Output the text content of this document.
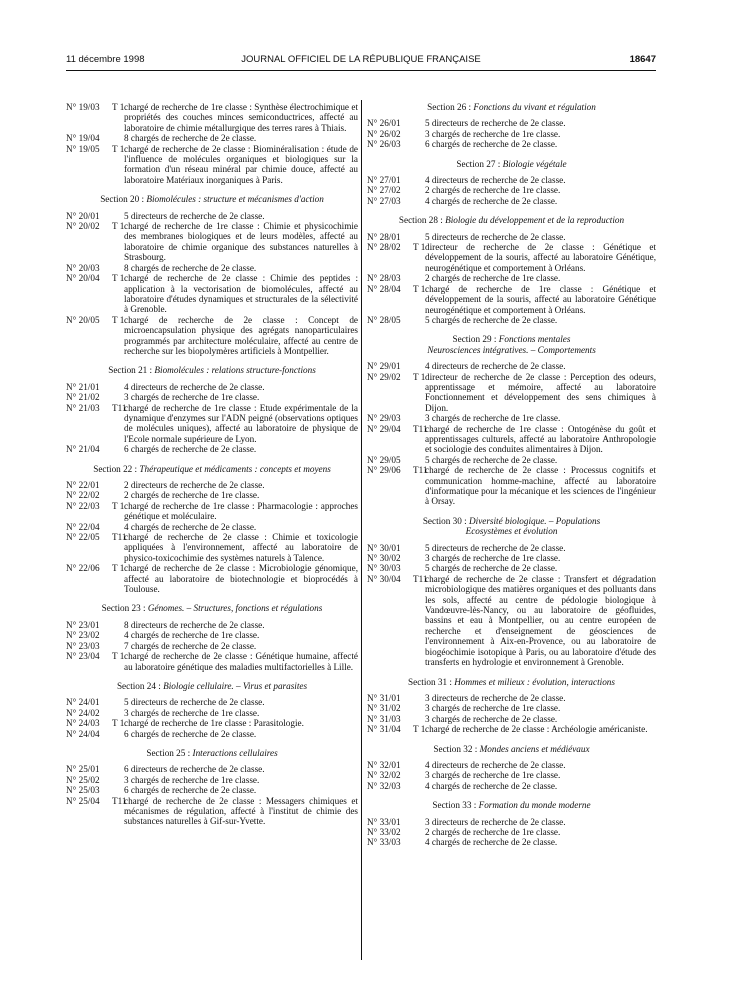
11 décembre 1998	JOURNAL OFFICIEL DE LA RÉPUBLIQUE FRANÇAISE	18647
N° 19/03	T 1 chargé de recherche de 1re classe : Synthèse électrochimique et propriétés des couches minces semiconductrices, affecté au laboratoire de chimie métallurgique des terres rares à Thiais.
N° 19/04	8 chargés de recherche de 2e classe.
N° 19/05	T 1 chargé de recherche de 2e classe : Biominéralisation : étude de l'influence de molécules organiques et biologiques sur la formation d'un réseau minéral par chimie douce, affecté au laboratoire Matériaux inorganiques à Paris.
Section 20 : Biomolécules : structure et mécanismes d'action
N° 20/01	5 directeurs de recherche de 2e classe.
N° 20/02	T 1 chargé de recherche de 1re classe : Chimie et physicochimie des membranes biologiques et de leurs modèles, affecté au laboratoire de chimie organique des substances naturelles à Strasbourg.
N° 20/03	8 chargés de recherche de 2e classe.
N° 20/04	T 1 chargé de recherche de 2e classe : Chimie des peptides : application à la vectorisation de biomolécules, affecté au laboratoire d'études dynamiques et structurales de la sélectivité à Grenoble.
N° 20/05	T 1 chargé de recherche de 2e classe : Concept de microencapsulation physique des agrégats nanoparticulaires programmés par architecture moléculaire, affecté au centre de recherche sur les biopolymères artificiels à Montpellier.
Section 21 : Biomolécules : relations structure-fonctions
N° 21/01	4 directeurs de recherche de 2e classe.
N° 21/02	3 chargés de recherche de 1re classe.
N° 21/03	T11
chargé de recherche de 1re classe : Etude expérimentale de la dynamique d'enzymes sur l'ADN peigné (observations optiques de molécules uniques), affecté au laboratoire de physique de l'Ecole normale supérieure de Lyon.
N° 21/04	6 chargés de recherche de 2e classe.
Section 22 : Thérapeutique et médicaments : concepts et moyens
N° 22/01	2 directeurs de recherche de 2e classe.
N° 22/02	2 chargés de recherche de 1re classe.
N° 22/03	T 1 chargé de recherche de 1re classe : Pharmacologie : approches génétique et moléculaire.
N° 22/04	4 chargés de recherche de 2e classe.
N° 22/05	T11
chargé de recherche de 2e classe : Chimie et toxicologie appliquées à l'environnement, affecté au laboratoire de physico-toxicochimie des systèmes naturels à Talence.
N° 22/06	T 1 chargé de recherche de 2e classe : Microbiologie génomique, affecté au laboratoire de biotechnologie et bioprocédés à Toulouse.
Section 23 : Génomes. – Structures, fonctions et régulations
N° 23/01	8 directeurs de recherche de 2e classe.
N° 23/02	4 chargés de recherche de 1re classe.
N° 23/03	7 chargés de recherche de 2e classe.
N° 23/04	T 1 chargé de recherche de 2e classe : Génétique humaine, affecté au laboratoire génétique des maladies multifactorielles à Lille.
Section 24 : Biologie cellulaire. – Virus et parasites
N° 24/01	5 directeurs de recherche de 2e classe.
N° 24/02	3 chargés de recherche de 1re classe.
N° 24/03	T 1 chargé de recherche de 1re classe : Parasitologie.
N° 24/04	6 chargés de recherche de 2e classe.
Section 25 : Interactions cellulaires
N° 25/01	6 directeurs de recherche de 2e classe.
N° 25/02	3 chargés de recherche de 1re classe.
N° 25/03	6 chargés de recherche de 2e classe.
N° 25/04	T11
chargé de recherche de 2e classe : Messagers chimiques et mécanismes de régulation, affecté à l'institut de chimie des substances naturelles à Gif-sur-Yvette.
Section 26 : Fonctions du vivant et régulation
N° 26/01	5 directeurs de recherche de 2e classe.
N° 26/02	3 chargés de recherche de 1re classe.
N° 26/03	6 chargés de recherche de 2e classe.
Section 27 : Biologie végétale
N° 27/01	4 directeurs de recherche de 2e classe.
N° 27/02	2 chargés de recherche de 1re classe.
N° 27/03	4 chargés de recherche de 2e classe.
Section 28 : Biologie du développement et de la reproduction
N° 28/01	5 directeurs de recherche de 2e classe.
N° 28/02	T 1 directeur de recherche de 2e classe : Génétique et développement de la souris, affecté au laboratoire Génétique, neurogénétique et comportement à Orléans.
N° 28/03	2 chargés de recherche de 1re classe.
N° 28/04	T 1 chargé de recherche de 1re classe : Génétique et développement de la souris, affecté au laboratoire Génétique neurogénétique et comportement à Orléans.
N° 28/05	5 chargés de recherche de 2e classe.
Section 29 : Fonctions mentales
Neurosciences intégratives. – Comportements
N° 29/01	4 directeurs de recherche de 2e classe.
N° 29/02	T 1 directeur de recherche de 2e classe : Perception des odeurs, apprentissage et mémoire, affecté au laboratoire Fonctionnement et développement des sens chimiques à Dijon.
N° 29/03	3 chargés de recherche de 1re classe.
N° 29/04	T11
chargé de recherche de 1re classe : Ontogénèse du goût et apprentissages culturels, affecté au laboratoire Anthropologie et sociologie des conduites alimentaires à Dijon.
N° 29/05	5 chargés de recherche de 2e classe.
N° 29/06	T11
chargé de recherche de 2e classe : Processus cognitifs et communication homme-machine, affecté au laboratoire d'informatique pour la mécanique et les sciences de l'ingénieur à Orsay.
Section 30 : Diversité biologique. – Populations
Ecosystèmes et évolution
N° 30/01	5 directeurs de recherche de 2e classe.
N° 30/02	3 chargés de recherche de 1re classe.
N° 30/03	5 chargés de recherche de 2e classe.
N° 30/04	T11
chargé de recherche de 2e classe : Transfert et dégradation microbiologique des matières organiques et des polluants dans les sols, affecté au centre de pédologie biologique à Vandœuvre-lès-Nancy, ou au laboratoire de géofluides, bassins et eau à Montpellier, ou au centre européen de recherche et d'enseignement de géosciences de l'environnement à Aix-en-Provence, ou au laboratoire de biogéochimie isotopique à Paris, ou au laboratoire d'étude des transferts en hydrologie et environnement à Grenoble.
Section 31 : Hommes et milieux : évolution, interactions
N° 31/01	3 directeurs de recherche de 2e classe.
N° 31/02	3 chargés de recherche de 1re classe.
N° 31/03	3 chargés de recherche de 2e classe.
N° 31/04	T 1 chargé de recherche de 2e classe : Archéologie américaniste.
Section 32 : Mondes anciens et médiévaux
N° 32/01	4 directeurs de recherche de 2e classe.
N° 32/02	3 chargés de recherche de 1re classe.
N° 32/03	4 chargés de recherche de 2e classe.
Section 33 : Formation du monde moderne
N° 33/01	3 directeurs de recherche de 2e classe.
N° 33/02	2 chargés de recherche de 1re classe.
N° 33/03	4 chargés de recherche de 2e classe.
